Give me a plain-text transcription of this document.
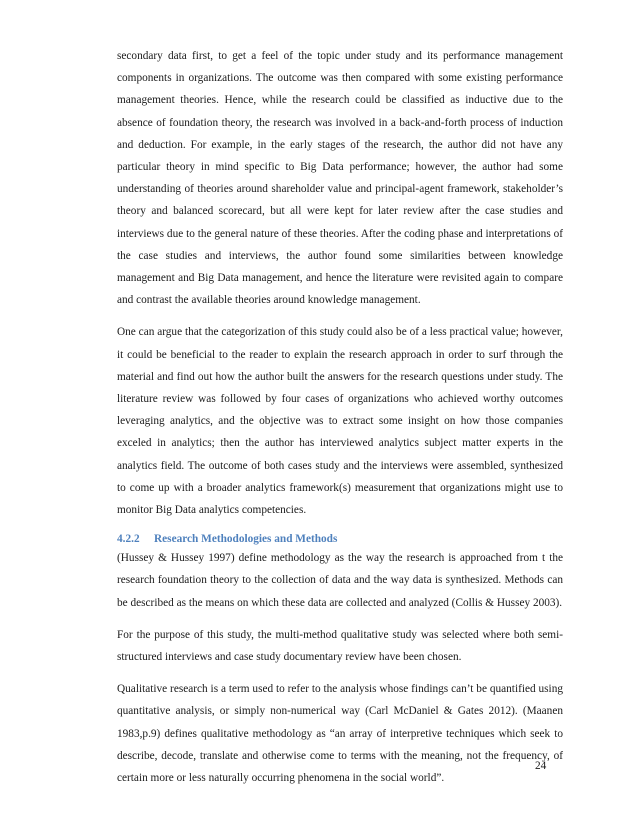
secondary data first, to get a feel of the topic under study and its performance management components in organizations. The outcome was then compared with some existing performance management theories. Hence, while the research could be classified as inductive due to the absence of foundation theory, the research was involved in a back-and-forth process of induction and deduction. For example, in the early stages of the research, the author did not have any particular theory in mind specific to Big Data performance; however, the author had some understanding of theories around shareholder value and principal-agent framework, stakeholder’s theory and balanced scorecard, but all were kept for later review after the case studies and interviews due to the general nature of these theories. After the coding phase and interpretations of the case studies and interviews, the author found some similarities between knowledge management and Big Data management, and hence the literature were revisited again to compare and contrast the available theories around knowledge management.

One can argue that the categorization of this study could also be of a less practical value; however, it could be beneficial to the reader to explain the research approach in order to surf through the material and find out how the author built the answers for the research questions under study. The literature review was followed by four cases of organizations who achieved worthy outcomes leveraging analytics, and the objective was to extract some insight on how those companies exceled in analytics; then the author has interviewed analytics subject matter experts in the analytics field. The outcome of both cases study and the interviews were assembled, synthesized to come up with a broader analytics framework(s) measurement that organizations might use to monitor Big Data analytics competencies.

4.2.2 Research Methodologies and Methods

(Hussey & Hussey 1997) define methodology as the way the research is approached from t the research foundation theory to the collection of data and the way data is synthesized. Methods can be described as the means on which these data are collected and analyzed (Collis & Hussey 2003).

For the purpose of this study, the multi-method qualitative study was selected where both semi-structured interviews and case study documentary review have been chosen.

Qualitative research is a term used to refer to the analysis whose findings can’t be quantified using quantitative analysis, or simply non-numerical way (Carl McDaniel & Gates 2012). (Maanen 1983,p.9) defines qualitative methodology as “an array of interpretive techniques which seek to describe, decode, translate and otherwise come to terms with the meaning, not the frequency, of certain more or less naturally occurring phenomena in the social world”.

24
